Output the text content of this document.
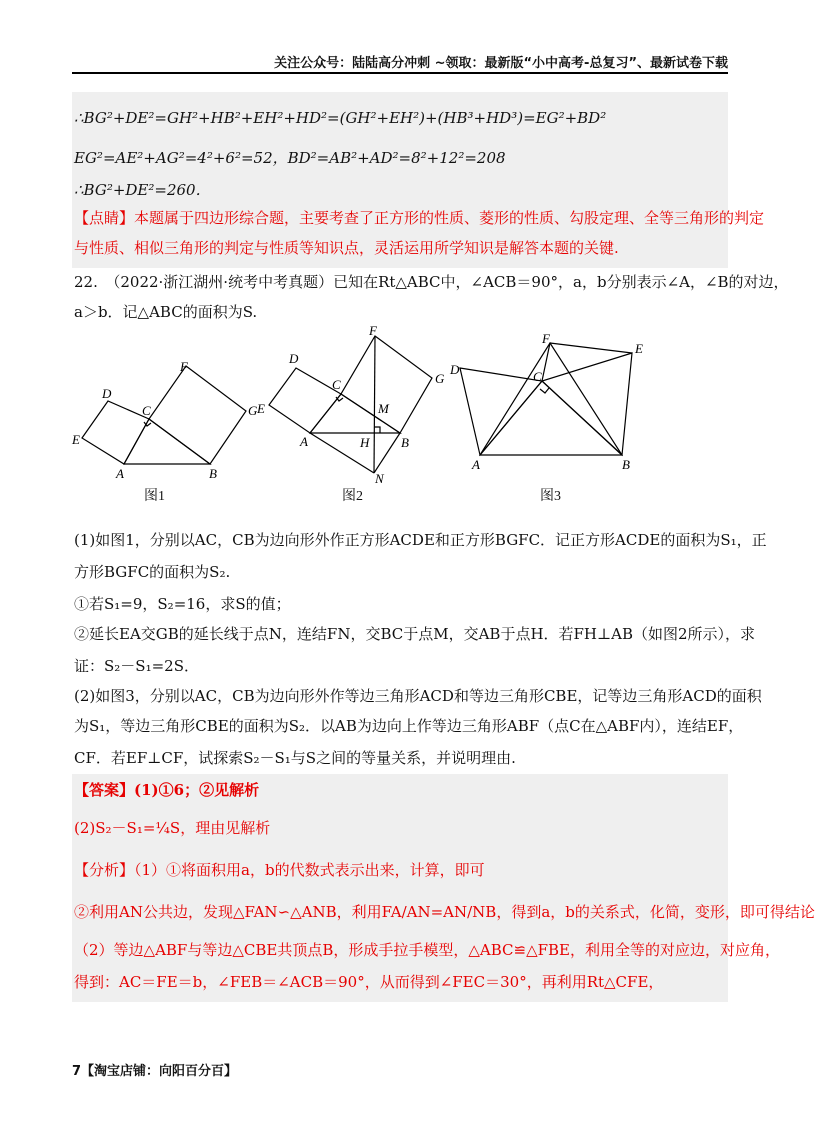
关注公众号：陆陆高分冲刺 ~领取：最新版“小中高考-总复习”、最新试卷下载
∴BG²+DE²=GH²+HB²+EH²+HD²=(GH²+EH²)+(HB³+HD³)=EG²+BD²
EG²=AE²+AG²=4²+6²=52，BD²=AB²+AD²=8²+12²=208
∴BG²+DE²=260．
【点睛】本题属于四边形综合题，主要考查了正方形的性质、菱形的性质、勾股定理、全等三角形的判定
与性质、相似三角形的判定与性质等知识点，灵活运用所学知识是解答本题的关键.
22.　（2022·浙江湖州·统考中考真题）已知在Rt△ABC中，∠ACB＝90°，a，b分别表示∠A，∠B的对边，
a＞b．记△ABC的面积为S.
D
C
F
E
G
A	B
图1
D
F
G
C
E	M
A	H B
N
图2
F
E
D	C
A	B
图3
(1)如图1，分别以AC，CB为边向形外作正方形ACDE和正方形BGFC．记正方形ACDE的面积为S₁，正
方形BGFC的面积为S₂.
①若S₁=9，S₂=16，求S的值；
②延长EA交GB的延长线于点N，连结FN，交BC于点M，交AB于点H．若FH⊥AB（如图2所示），求
证：S₂－S₁=2S．
(2)如图3，分别以AC，CB为边向形外作等边三角形ACD和等边三角形CBE，记等边三角形ACD的面积
为S₁，等边三角形CBE的面积为S₂．以AB为边向上作等边三角形ABF（点C在△ABF内），连结EF，
CF．若EF⊥CF，试探索S₂－S₁与S之间的等量关系，并说明理由.
【答案】(1)①6；②见解析
(2)S₂－S₁=¼S，理由见解析
【分析】（1）①将面积用a，b的代数式表示出来，计算，即可
②利用AN公共边，发现△FAN∽△ANB，利用FA/AN=AN/NB，得到a，b的关系式，化简，变形，即可得结论
（2）等边△ABF与等边△CBE共顶点B，形成手拉手模型，△ABC≌△FBE，利用全等的对应边，对应角，
得到：AC＝FE＝b，∠FEB＝∠ACB＝90°，从而得到∠FEC＝30°，再利用Rt△CFE，
7【淘宝店铺：向阳百分百】
